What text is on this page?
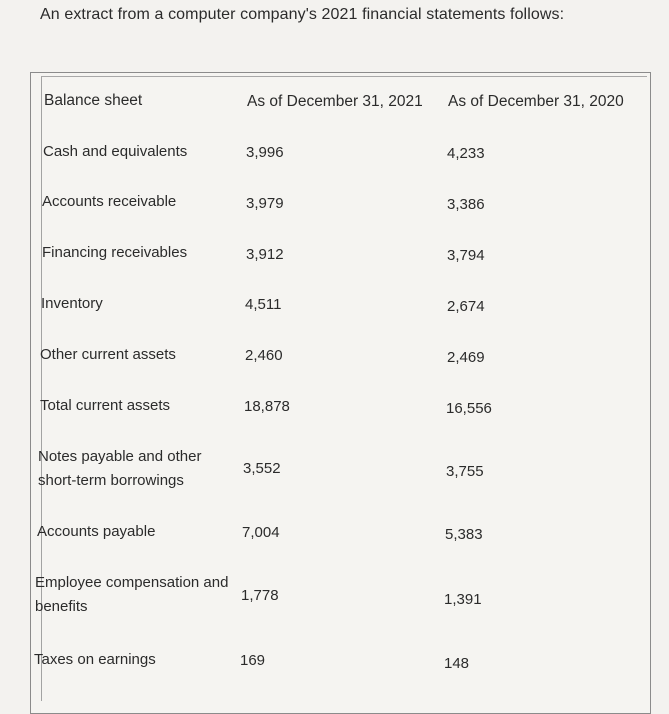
An extract from a computer company's 2021 financial statements follows:
Balance sheet	As of December 31, 2021 As of December 31, 2020
Cash and equivalents	3,996	4,233
Accounts receivable	3,979	3,386
Financing receivables	3,912	3,794
Inventory	4,511	2,674
Other current assets	2,460	2,469
Total current assets	18,878	16,556
Notes payable and other short-term borrowings
3,552	3,755
Accounts payable	7,004	5,383
Employee compensation and benefits
1,778	1,391
Taxes on earnings	169	148
